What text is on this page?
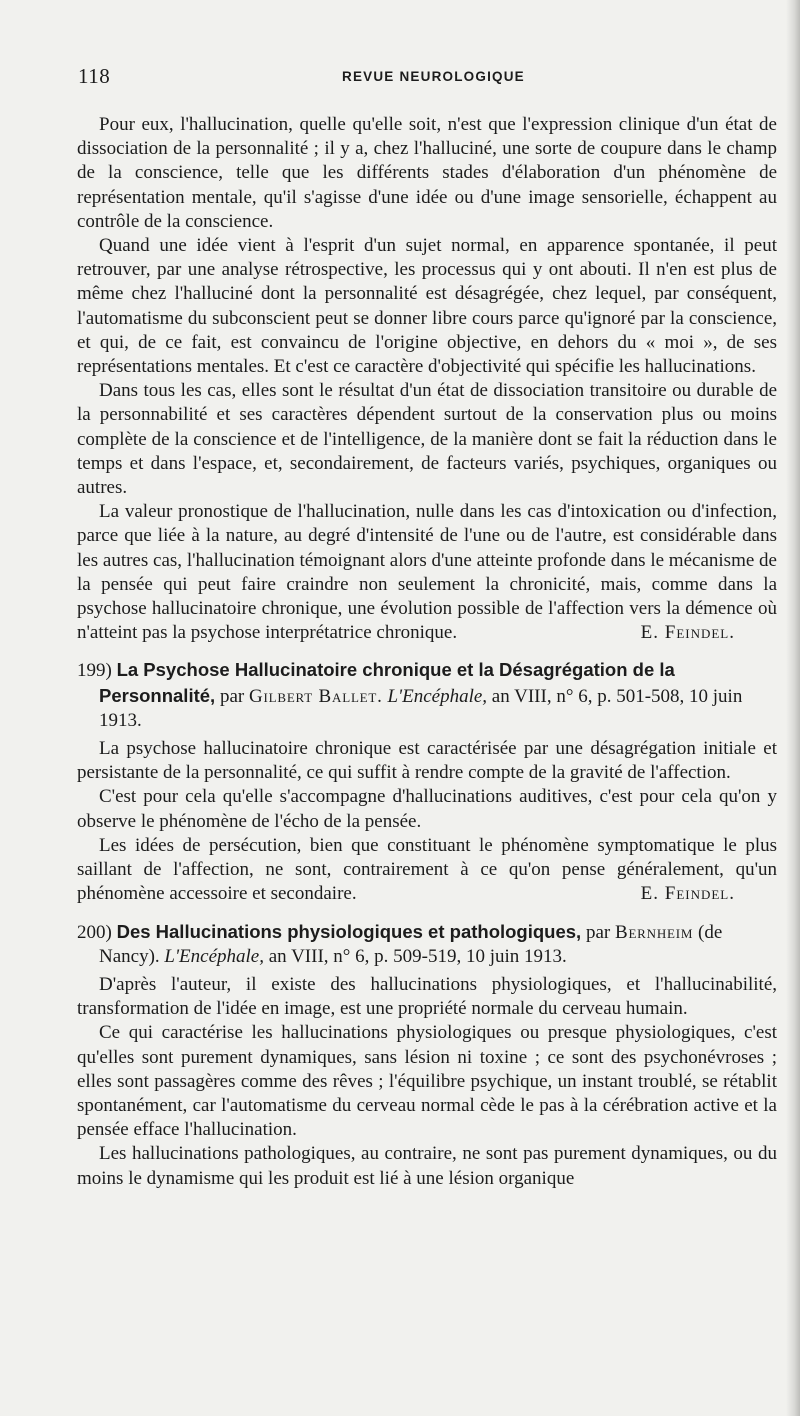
118	REVUE NEUROLOGIQUE

Pour eux, l'hallucination, quelle qu'elle soit, n'est que l'expression clinique d'un état de dissociation de la personnalité ; il y a, chez l'halluciné, une sorte de coupure dans le champ de la conscience, telle que les différents stades d'élaboration d'un phénomène de représentation mentale, qu'il s'agisse d'une idée ou d'une image sensorielle, échappent au contrôle de la conscience.

Quand une idée vient à l'esprit d'un sujet normal, en apparence spontanée, il peut retrouver, par une analyse rétrospective, les processus qui y ont abouti. Il n'en est plus de même chez l'halluciné dont la personnalité est désagrégée, chez lequel, par conséquent, l'automatisme du subconscient peut se donner libre cours parce qu'ignoré par la conscience, et qui, de ce fait, est convaincu de l'origine objective, en dehors du « moi », de ses représentations mentales. Et c'est ce caractère d'objectivité qui spécifie les hallucinations.

Dans tous les cas, elles sont le résultat d'un état de dissociation transitoire ou durable de la personnabilité et ses caractères dépendent surtout de la conservation plus ou moins complète de la conscience et de l'intelligence, de la manière dont se fait la réduction dans le temps et dans l'espace, et, secondairement, de facteurs variés, psychiques, organiques ou autres.

La valeur pronostique de l'hallucination, nulle dans les cas d'intoxication ou d'infection, parce que liée à la nature, au degré d'intensité de l'une ou de l'autre, est considérable dans les autres cas, l'hallucination témoignant alors d'une atteinte profonde dans le mécanisme de la pensée qui peut faire craindre non seulement la chronicité, mais, comme dans la psychose hallucinatoire chronique, une évolution possible de l'affection vers la démence où n'atteint pas la psychose interprétatrice chronique.	E. Feindel.

199) La Psychose Hallucinatoire chronique et la Désagrégation de la Personnalité, par Gilbert Ballet. L'Encéphale, an VIII, n° 6, p. 501-508, 10 juin 1913.

La psychose hallucinatoire chronique est caractérisée par une désagrégation initiale et persistante de la personnalité, ce qui suffit à rendre compte de la gravité de l'affection.

C'est pour cela qu'elle s'accompagne d'hallucinations auditives, c'est pour cela qu'on y observe le phénomène de l'écho de la pensée.

Les idées de persécution, bien que constituant le phénomène symptomatique le plus saillant de l'affection, ne sont, contrairement à ce qu'on pense généralement, qu'un phénomène accessoire et secondaire.	E. Feindel.

200) Des Hallucinations physiologiques et pathologiques, par Bernheim (de Nancy). L'Encéphale, an VIII, n° 6, p. 509-519, 10 juin 1913.

D'après l'auteur, il existe des hallucinations physiologiques, et l'hallucinabilité, transformation de l'idée en image, est une propriété normale du cerveau humain.

Ce qui caractérise les hallucinations physiologiques ou presque physiologiques, c'est qu'elles sont purement dynamiques, sans lésion ni toxine ; ce sont des psychonévroses ; elles sont passagères comme des rêves ; l'équilibre psychique, un instant troublé, se rétablit spontanément, car l'automatisme du cerveau normal cède le pas à la cérébration active et la pensée efface l'hallucination.

Les hallucinations pathologiques, au contraire, ne sont pas purement dynamiques, ou du moins le dynamisme qui les produit est lié à une lésion organique
